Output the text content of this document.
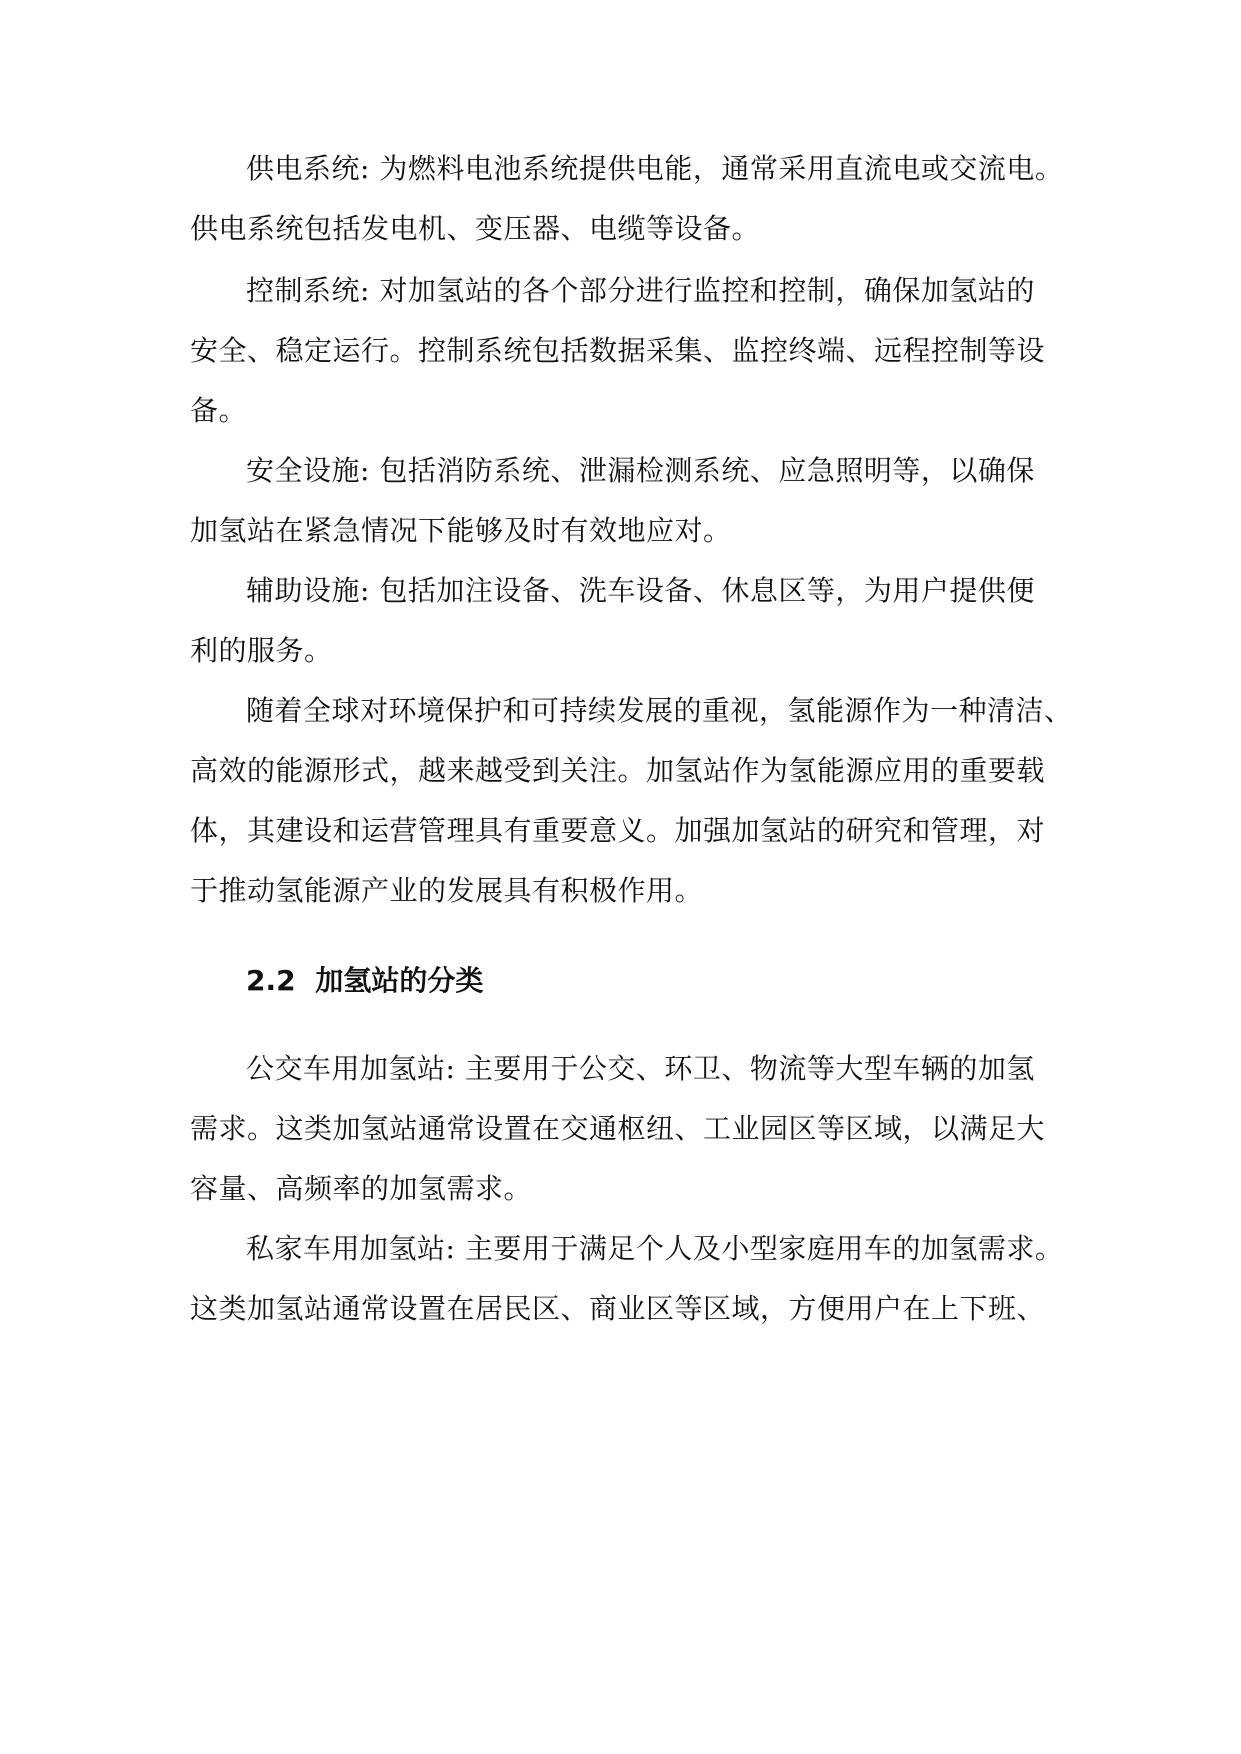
供电系统: 为燃料电池系统提供电能，通常采用直流电或交流电。
供电系统包括发电机、变压器、电缆等设备。
控制系统: 对加氢站的各个部分进行监控和控制，确保加氢站的
安全、稳定运行。控制系统包括数据采集、监控终端、远程控制等设
备。
安全设施: 包括消防系统、泄漏检测系统、应急照明等，以确保
加氢站在紧急情况下能够及时有效地应对。
辅助设施: 包括加注设备、洗车设备、休息区等，为用户提供便
利的服务。
随着全球对环境保护和可持续发展的重视，氢能源作为一种清洁、
高效的能源形式，越来越受到关注。加氢站作为氢能源应用的重要载
体，其建设和运营管理具有重要意义。加强加氢站的研究和管理，对
于推动氢能源产业的发展具有积极作用。
2.2 加氢站的分类
公交车用加氢站: 主要用于公交、环卫、物流等大型车辆的加氢
需求。这类加氢站通常设置在交通枢纽、工业园区等区域，以满足大
容量、高频率的加氢需求。
私家车用加氢站: 主要用于满足个人及小型家庭用车的加氢需求。
这类加氢站通常设置在居民区、商业区等区域，方便用户在上下班、
